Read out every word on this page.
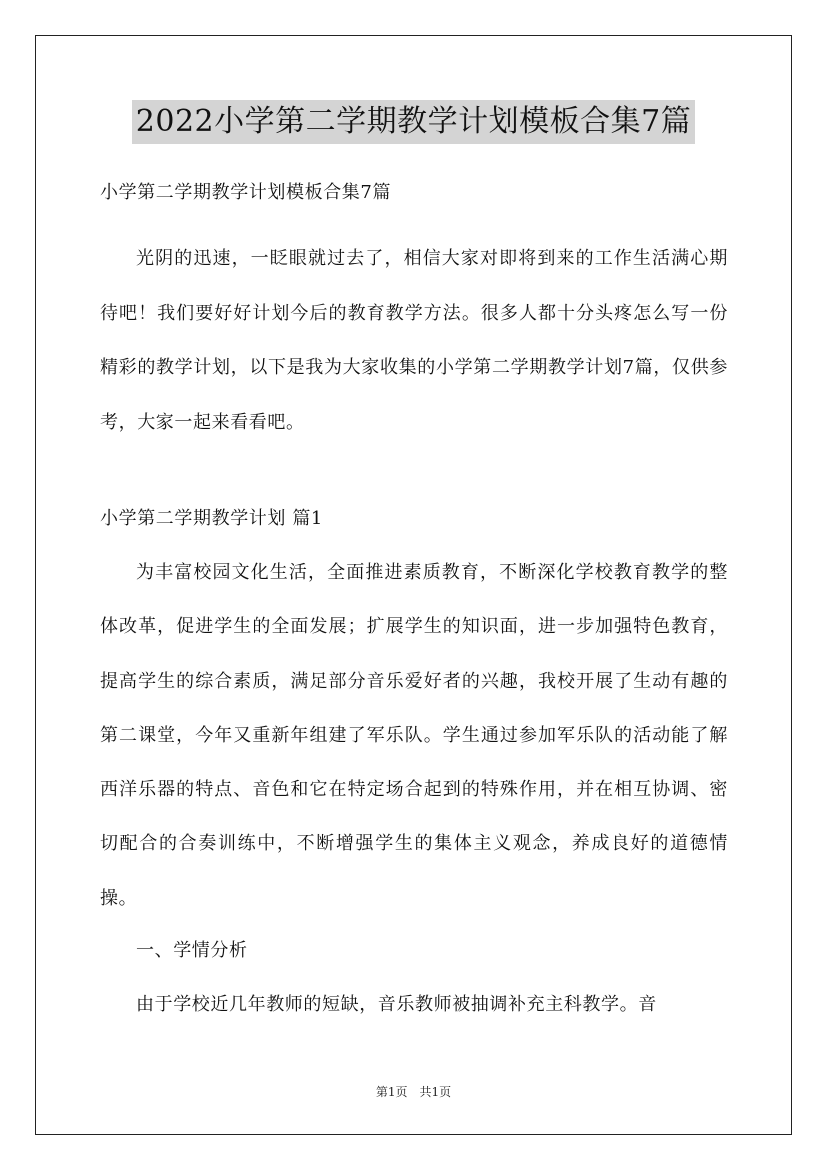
2022小学第二学期教学计划模板合集7篇
小学第二学期教学计划模板合集7篇
光阴的迅速，一眨眼就过去了，相信大家对即将到来的工作生活满心期待吧！我们要好好计划今后的教育教学方法。很多人都十分头疼怎么写一份精彩的教学计划，以下是我为大家收集的小学第二学期教学计划7篇，仅供参考，大家一起来看看吧。
小学第二学期教学计划 篇1
为丰富校园文化生活，全面推进素质教育，不断深化学校教育教学的整体改革，促进学生的全面发展；扩展学生的知识面，进一步加强特色教育，提高学生的综合素质，满足部分音乐爱好者的兴趣，我校开展了生动有趣的第二课堂，今年又重新年组建了军乐队。学生通过参加军乐队的活动能了解西洋乐器的特点、音色和它在特定场合起到的特殊作用，并在相互协调、密切配合的合奏训练中，不断增强学生的集体主义观念，养成良好的道德情操。
一、学情分析
由于学校近几年教师的短缺，音乐教师被抽调补充主科教学。音
第1页　共1页
